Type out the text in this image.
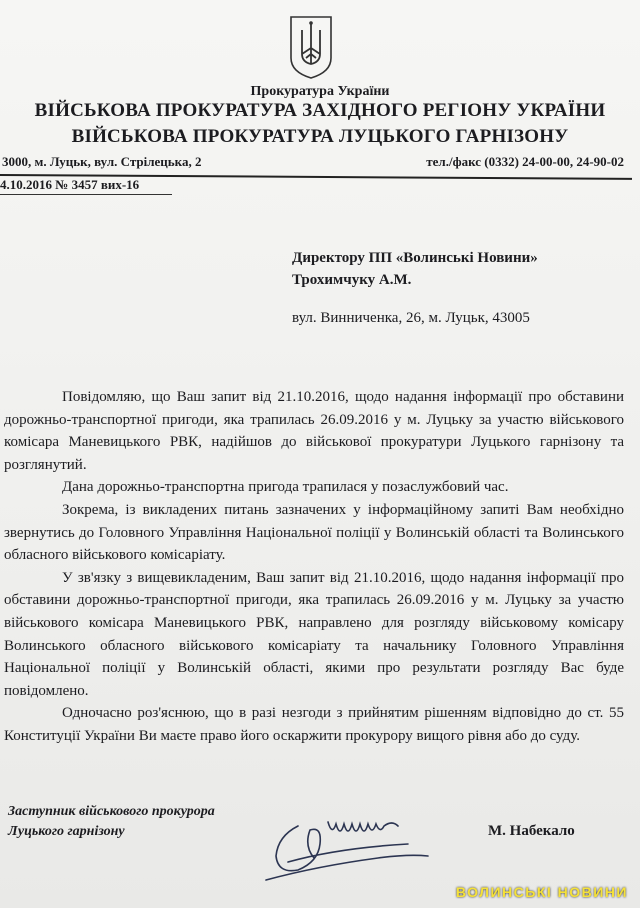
Прокуратура України
ВІЙСЬКОВА ПРОКУРАТУРА ЗАХІДНОГО РЕГІОНУ УКРАЇНИ
ВІЙСЬКОВА ПРОКУРАТУРА ЛУЦЬКОГО ГАРНІЗОНУ
3000, м. Луцьк, вул. Стрілецька, 2	тел./факс (0332) 24-00-00, 24-90-02
4.10.2016 № 3457 вих-16
Директору ПП «Волинські Новини»
Трохимчуку А.М.
вул. Винниченка, 26, м. Луцьк, 43005

Повідомляю, що Ваш запит від 21.10.2016, щодо надання інформації про обставини дорожньо-транспортної пригоди, яка трапилась 26.09.2016 у м. Луцьку за участю військового комісара Маневицького РВК, надійшов до військової прокуратури Луцького гарнізону та розглянутий.

Дана дорожньо-транспортна пригода трапилася у позаслужбовий час.

Зокрема, із викладених питань зазначених у інформаційному запиті Вам необхідно звернутись до Головного Управління Національної поліції у Волинській області та Волинського обласного військового комісаріату.

У зв'язку з вищевикладеним, Ваш запит від 21.10.2016, щодо надання інформації про обставини дорожньо-транспортної пригоди, яка трапилась 26.09.2016 у м. Луцьку за участю військового комісара Маневицького РВК, направлено для розгляду військовому комісару Волинського обласного військового комісаріату та начальнику Головного Управління Національної поліції у Волинській області, якими про результати розгляду Вас буде повідомлено.

Одночасно роз'яснюю, що в разі незгоди з прийнятим рішенням відповідно до ст. 55 Конституції України Ви маєте право його оскаржити прокурору вищого рівня або до суду.

Заступник військового прокурора
Луцького гарнізону	М. Набекало
ВОЛИНСЬКІ НОВИНИ
